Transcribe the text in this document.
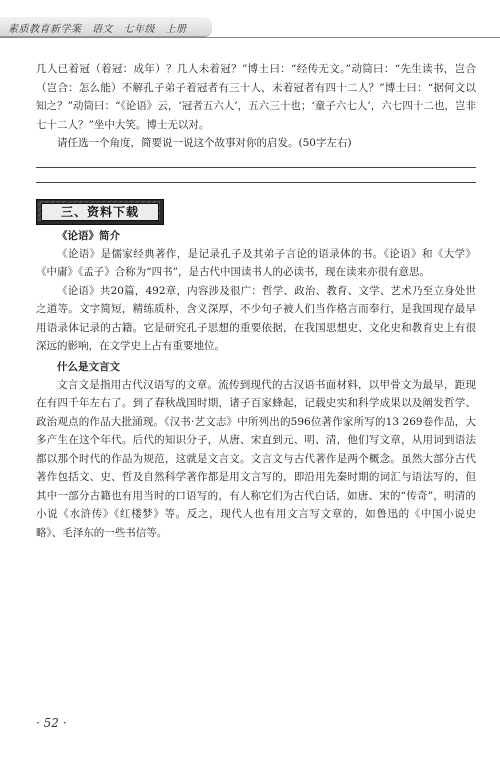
素质教育新学案　语文　七年级　上册

几人已着冠（着冠：成年）？几人未着冠？”博士曰：“经传无文。”动筒曰：“先生读书，岂合（岂合：怎么能）不解孔子弟子着冠者有三十人，未着冠者有四十二人？”博士曰：“据何文以知之？”动筒曰：“《论语》云，‘冠者五六人’，五六三十也；‘童子六七人’，六七四十二也，岂非七十二人？”坐中大笑。博士无以对。

请任选一个角度，简要说一说这个故事对你的启发。(50字左右)

三、资料下载
《论语》简介

《论语》是儒家经典著作，是记录孔子及其弟子言论的语录体的书。《论语》和《大学》《中庸》《孟子》合称为“四书”，是古代中国读书人的必读书，现在读来亦很有意思。

《论语》共20篇，492章，内容涉及很广：哲学、政治、教育、文学、艺术乃至立身处世之道等。文字简短，精练质朴，含义深厚，不少句子被人们当作格言而奉行，是我国现存最早用语录体记录的古籍。它是研究孔子思想的重要依据，在我国思想史、文化史和教育史上有很深远的影响，在文学史上占有重要地位。

什么是文言文

文言文是指用古代汉语写的文章。流传到现代的古汉语书面材料，以甲骨文为最早，距现在有四千年左右了。到了春秋战国时期，诸子百家蜂起，记载史实和科学成果以及阐发哲学、政治观点的作品大批涌现。《汉书·艺文志》中所列出的596位著作家所写的13 269卷作品，大多产生在这个年代。后代的知识分子，从唐、宋直到元、明、清，他们写文章，从用词到语法都以那个时代的作品为规范，这就是文言文。文言文与古代著作是两个概念。虽然大部分古代著作包括文、史、哲及自然科学著作都是用文言写的，即沿用先秦时期的词汇与语法写的，但其中一部分古籍也有用当时的口语写的，有人称它们为古代白话，如唐、宋的“传奇”，明清的小说《水浒传》《红楼梦》等。反之，现代人也有用文言写文章的，如鲁迅的《中国小说史略》、毛泽东的一些书信等。

· 52 ·
